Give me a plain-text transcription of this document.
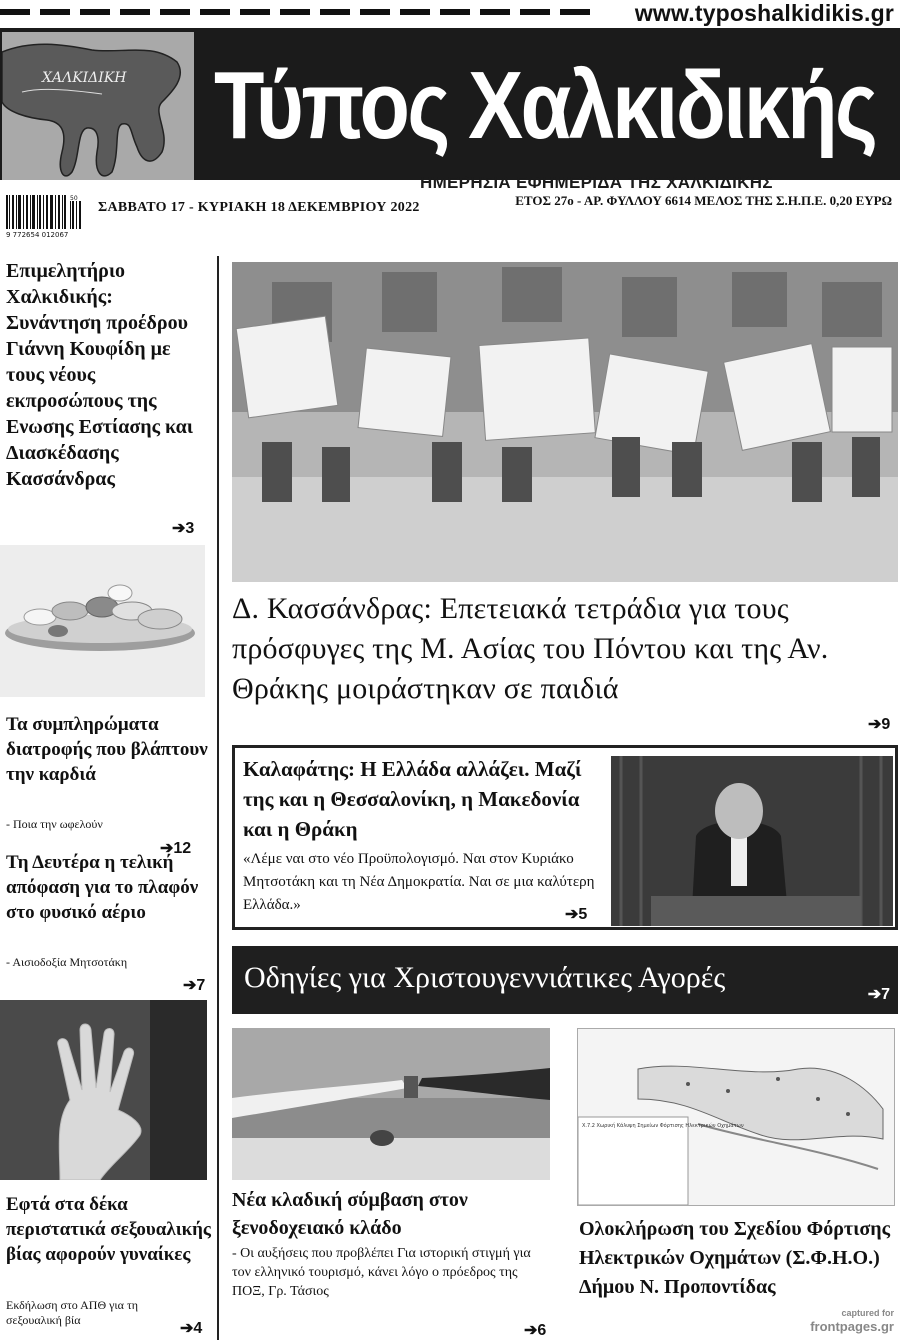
www.typoshalkidikis.gr
ΧΑΛΚΙΔΙΚΗ Τύπος Χαλκιδικής
ΗΜΕΡΗΣΙΑ ΕΦΗΜΕΡΙΔΑ ΤΗΣ ΧΑΛΚΙΔΙΚΗΣ
50
9 772654 012067
ΣΑΒΒΑΤΟ 17 - ΚΥΡΙΑΚΗ 18 ΔΕΚΕΜΒΡΙΟΥ 2022	ΕΤΟΣ 27ο - ΑΡ. ΦΥΛΛΟΥ 6614 ΜΕΛΟΣ ΤΗΣ Σ.Η.Π.Ε. 0,20 ΕΥΡΩ
Επιμελητήριο Χαλκιδικής: Συνάντηση προέδρου Γιάννη Κουφίδη με τους νέους εκπροσώπους της Ενωσης Εστίασης και Διασκέδασης Κασσάνδρας
➔3
Τα συμπληρώματα διατροφής που βλάπτουν την καρδιά
- Ποια την ωφελούν
➔12
Τη Δευτέρα η τελική απόφαση για το πλαφόν στο φυσικό αέριο
- Αισιοδοξία Μητσοτάκη
➔7
Εφτά στα δέκα περιστατικά σεξουαλικής βίας αφορούν γυναίκες
Εκδήλωση στο ΑΠΘ για τη σεξουαλική βία	➔4
Δ. Κασσάνδρας: Επετειακά τετράδια για τους πρόσφυγες της Μ. Ασίας του Πόντου και της Αν. Θράκης μοιράστηκαν σε παιδιά
➔9
Καλαφάτης: Η Ελλάδα αλλάζει. Μαζί της και η Θεσσαλονίκη, η Μακεδονία και η Θράκη
«Λέμε ναι στο νέο Προϋπολογισμό. Ναι στον Κυριάκο Μητσοτάκη και τη Νέα Δημοκρατία. Ναι σε μια καλύτερη Ελλάδα.»
➔5
Οδηγίες για Χριστουγεννιάτικες Αγορές
➔7
Νέα κλαδική σύμβαση στον ξενοδοχειακό κλάδο
- Οι αυξήσεις που προβλέπει Για ιστορική στιγμή για τον ελληνικό τουρισμό, κάνει λόγο ο πρόεδρος της ΠΟΞ, Γρ. Τάσιος
➔6
Χ.7.2 Χωρική Κάλυψη Σημείων Φόρτισης Ηλεκτρικών Οχημάτων
Ολοκλήρωση του Σχεδίου Φόρτισης Ηλεκτρικών Οχημάτων (Σ.Φ.Η.Ο.) Δήμου Ν. Προποντίδας
captured for
frontpages.gr
